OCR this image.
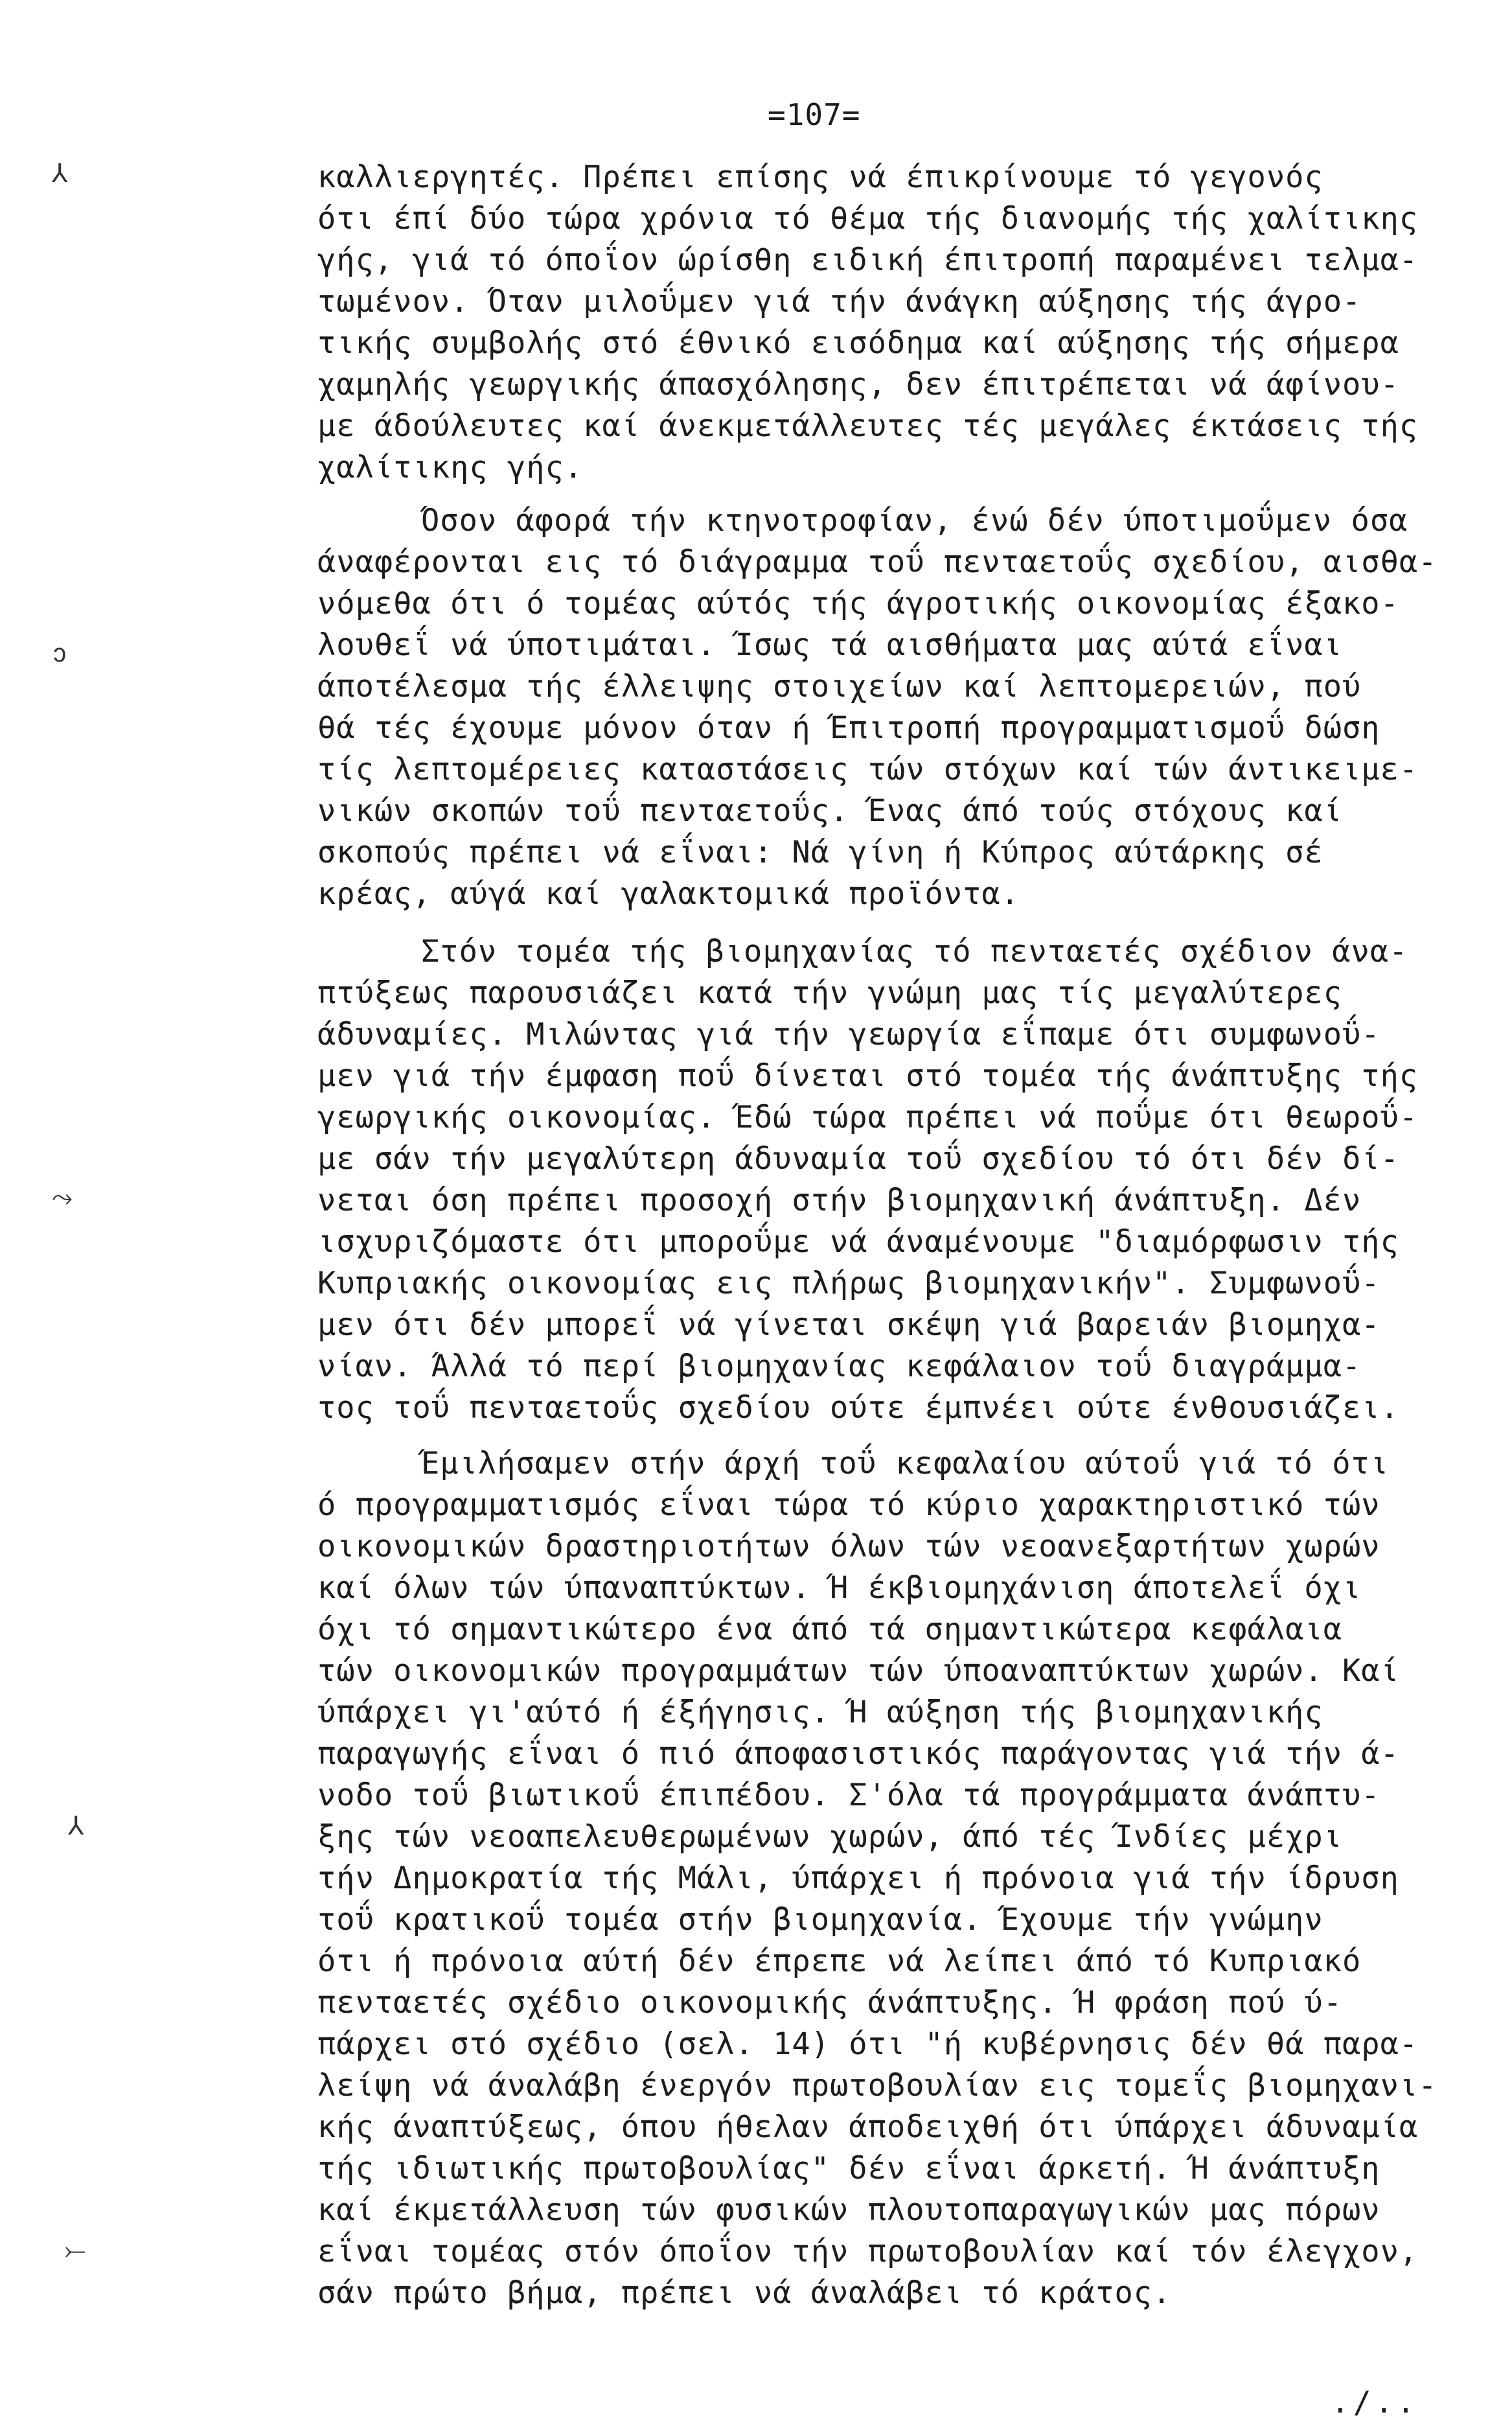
=107=
⅄
ↄ
⤳
⅄
⤚
καλλιεργητές. Πρέπει επίσης νά έπικρίνουμε τό γεγονός
ότι έπί δύο τώρα χρόνια τό θέμα τής διανομής τής χαλίτικης
γής, γιά τό όποΐον ώρίσθη ειδική έπιτροπή παραμένει τελμα-
τωμένον. Όταν μιλοΰμεν γιά τήν άνάγκη αύξησης τής άγρο-
τικής συμβολής στό έθνικό εισόδημα καί αύξησης τής σήμερα
χαμηλής γεωργικής άπασχόλησης, δεν έπιτρέπεται νά άφίνου-
με άδούλευτες καί άνεκμετάλλευτες τές μεγάλες έκτάσεις τής
χαλίτικης γής.
Όσον άφορά τήν κτηνοτροφίαν, ένώ δέν ύποτιμοΰμεν όσα
άναφέρονται εις τό διάγραμμα τοΰ πενταετοΰς σχεδίου, αισθα-
νόμεθα ότι ό τομέας αύτός τής άγροτικής οικονομίας έξακο-
λουθεΐ νά ύποτιμάται. Ίσως τά αισθήματα μας αύτά εΐναι
άποτέλεσμα τής έλλειψης στοιχείων καί λεπτομερειών, πού
θά τές έχουμε μόνον όταν ή Έπιτροπή προγραμματισμοΰ δώση
τίς λεπτομέρειες καταστάσεις τών στόχων καί τών άντικειμε-
νικών σκοπών τοΰ πενταετοΰς. Ένας άπό τούς στόχους καί
σκοπούς πρέπει νά εΐναι: Νά γίνη ή Κύπρος αύτάρκης σέ
κρέας, αύγά καί γαλακτομικά προϊόντα.
Στόν τομέα τής βιομηχανίας τό πενταετές σχέδιον άνα-
πτύξεως παρουσιάζει κατά τήν γνώμη μας τίς μεγαλύτερες
άδυναμίες. Μιλώντας γιά τήν γεωργία εΐπαμε ότι συμφωνοΰ-
μεν γιά τήν έμφαση ποΰ δίνεται στό τομέα τής άνάπτυξης τής
γεωργικής οικονομίας. Έδώ τώρα πρέπει νά ποΰμε ότι θεωροΰ-
με σάν τήν μεγαλύτερη άδυναμία τοΰ σχεδίου τό ότι δέν δί-
νεται όση πρέπει προσοχή στήν βιομηχανική άνάπτυξη. Δέν
ισχυριζόμαστε ότι μποροΰμε νά άναμένουμε "διαμόρφωσιν τής
Κυπριακής οικονομίας εις πλήρως βιομηχανικήν". Συμφωνοΰ-
μεν ότι δέν μπορεΐ νά γίνεται σκέψη γιά βαρειάν βιομηχα-
νίαν. Άλλά τό περί βιομηχανίας κεφάλαιον τοΰ διαγράμμα-
τος τοΰ πενταετοΰς σχεδίου ούτε έμπνέει ούτε ένθουσιάζει.
Έμιλήσαμεν στήν άρχή τοΰ κεφαλαίου αύτοΰ γιά τό ότι
ό προγραμματισμός εΐναι τώρα τό κύριο χαρακτηριστικό τών
οικονομικών δραστηριοτήτων όλων τών νεοανεξαρτήτων χωρών
καί όλων τών ύπαναπτύκτων. Ή έκβιομηχάνιση άποτελεΐ όχι
όχι τό σημαντικώτερο ένα άπό τά σημαντικώτερα κεφάλαια
τών οικονομικών προγραμμάτων τών ύποαναπτύκτων χωρών. Καί
ύπάρχει γι'αύτό ή έξήγησις. Ή αύξηση τής βιομηχανικής
παραγωγής εΐναι ό πιό άποφασιστικός παράγοντας γιά τήν ά-
νοδο τοΰ βιωτικοΰ έπιπέδου. Σ'όλα τά προγράμματα άνάπτυ-
ξης τών νεοαπελευθερωμένων χωρών, άπό τές Ίνδίες μέχρι
τήν Δημοκρατία τής Μάλι, ύπάρχει ή πρόνοια γιά τήν ίδρυση
τοΰ κρατικοΰ τομέα στήν βιομηχανία. Έχουμε τήν γνώμην
ότι ή πρόνοια αύτή δέν έπρεπε νά λείπει άπό τό Κυπριακό
πενταετές σχέδιο οικονομικής άνάπτυξης. Ή φράση πού ύ-
πάρχει στό σχέδιο (σελ. 14) ότι "ή κυβέρνησις δέν θά παρα-
λείψη νά άναλάβη ένεργόν πρωτοβουλίαν εις τομεΐς βιομηχανι-
κής άναπτύξεως, όπου ήθελαν άποδειχθή ότι ύπάρχει άδυναμία
τής ιδιωτικής πρωτοβουλίας" δέν εΐναι άρκετή. Ή άνάπτυξη
καί έκμετάλλευση τών φυσικών πλουτοπαραγωγικών μας πόρων
εΐναι τομέας στόν όποΐον τήν πρωτοβουλίαν καί τόν έλεγχον,
σάν πρώτο βήμα, πρέπει νά άναλάβει τό κράτος.
./..
